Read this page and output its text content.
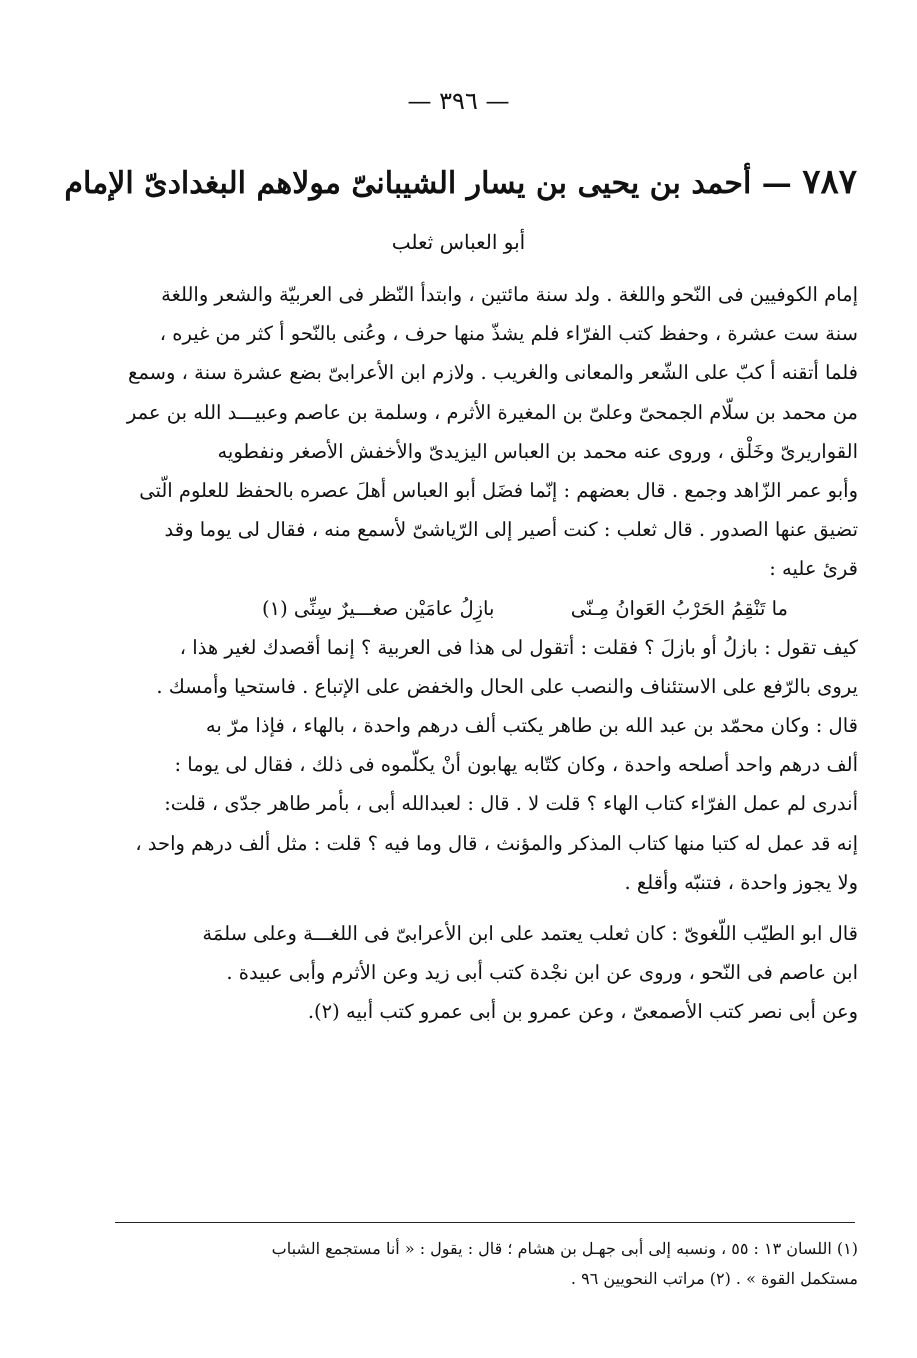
— ٣٩٦ —
٧٨٧ — أحمد بن يحيى بن يسار الشيبانىّ مولاهم البغدادىّ الإمام
أبو العباس ثعلب
إمام الكوفيين فى النّحو واللغة . ولد سنة مائتين ، وابتدأ النّظر فى العربيّة والشعر واللغة
سنة ست عشرة ، وحفظ كتب الفرّاء فلم يشذّ منها حرف ، وعُنى بالنّحو أ كثر من غيره ،
فلما أتقنه أ كبّ على الشّعر والمعانى والغريب . ولازم ابن الأعرابىّ بضع عشرة سنة ، وسمع
من محمد بن سلّام الجمحىّ وعلىّ بن المغيرة الأثرم ، وسلمة بن عاصم وعبيـــد الله بن عمر
القواريرىّ وخَلْق ، وروى عنه محمد بن العباس اليزيدىّ والأخفش الأصغر ونفطويه
وأبو عمر الزّاهد وجمع . قال بعضهم : إنّما فضَل أبو العباس أهلَ عصره بالحفظ للعلوم الّتى
تضيق عنها الصدور . قال ثعلب : كنت أصير إلى الرّياشىّ لأسمع منه ، فقال لى يوما وقد
قرئ عليه :
ما تَنْقِمُ الحَرْبُ العَوانُ مِـنّى
بازِلُ عامَيْن صغـــيرٌ سِنِّى (١)
كيف تقول : بازلُ أو بازلَ ؟ فقلت : أتقول لى هذا فى العربية ؟ إنما أقصدك لغير هذا ،
يروى بالرّفع على الاستئناف والنصب على الحال والخفض على الإتباع . فاستحيا وأمسك .
قال : وكان محمّد بن عبد الله بن طاهر يكتب ألف درهم واحدة ، بالهاء ، فإذا مرّ به
ألف درهم واحد أصلحه واحدة ، وكان كتّابه يهابون أنْ يكلّموه فى ذلك ، فقال لى يوما :
أندرى لم عمل الفرّاء كتاب الهاء ؟ قلت لا . قال : لعبدالله أبى ، بأمر طاهر جدّى ، قلت:
إنه قد عمل له كتبا منها كتاب المذكر والمؤنث ، قال وما فيه ؟ قلت : مثل ألف درهم واحد ،
ولا يجوز واحدة ، فتنبّه وأقلع .
قال ابو الطيّب اللّغوىّ : كان ثعلب يعتمد على ابن الأعرابىّ فى اللغـــة وعلى سلمَة
ابن عاصم فى النّحو ، وروى عن ابن نجْدة كتب أبى زيد وعن الأثرم وأبى عبيدة .
وعن أبى نصر كتب الأصمعىّ ، وعن عمرو بن أبى عمرو كتب أبيه (٢).
(١) اللسان ١٣ : ٥٥ ، ونسبه إلى أبى جهـل بن هشام ؛ قال : يقول : « أنا مستجمع الشباب
مستكمل القوة » . (٢) مراتب النحويين ٩٦ .
